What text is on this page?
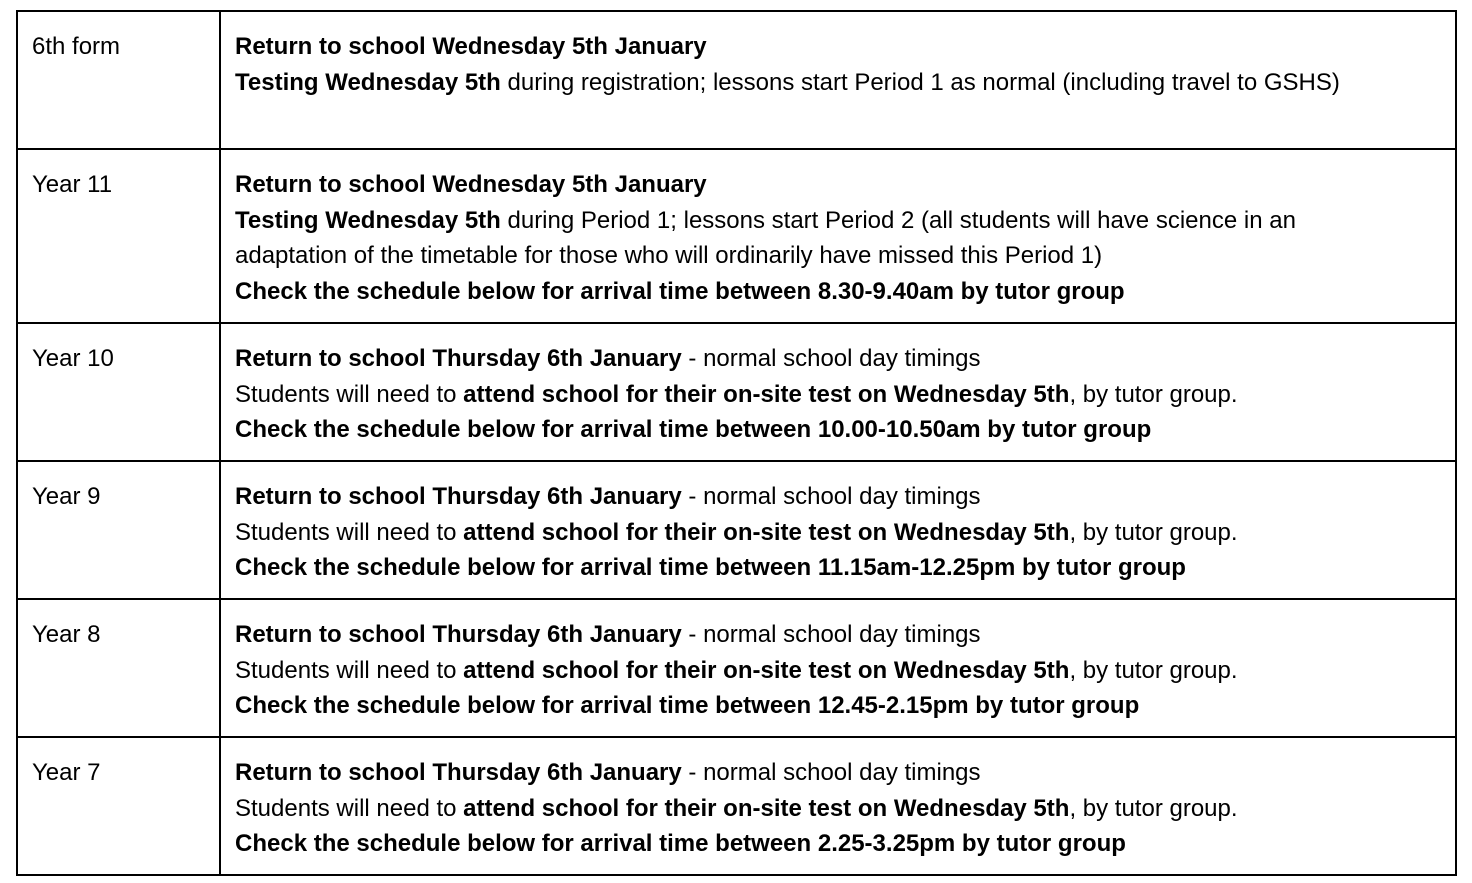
6th form	Return to school Wednesday 5th January
Testing Wednesday 5th during registration; lessons start Period 1 as normal (including travel to GSHS)

Year 11	Return to school Wednesday 5th January
Testing Wednesday 5th during Period 1; lessons start Period 2 (all students will have science in an
adaptation of the timetable for those who will ordinarily have missed this Period 1)
Check the schedule below for arrival time between 8.30-9.40am by tutor group

Year 10	Return to school Thursday 6th January - normal school day timings
Students will need to attend school for their on-site test on Wednesday 5th, by tutor group.
Check the schedule below for arrival time between 10.00-10.50am by tutor group

Year 9	Return to school Thursday 6th January - normal school day timings
Students will need to attend school for their on-site test on Wednesday 5th, by tutor group.
Check the schedule below for arrival time between 11.15am-12.25pm by tutor group

Year 8	Return to school Thursday 6th January - normal school day timings
Students will need to attend school for their on-site test on Wednesday 5th, by tutor group.
Check the schedule below for arrival time between 12.45-2.15pm by tutor group

Year 7	Return to school Thursday 6th January - normal school day timings
Students will need to attend school for their on-site test on Wednesday 5th, by tutor group.
Check the schedule below for arrival time between 2.25-3.25pm by tutor group
